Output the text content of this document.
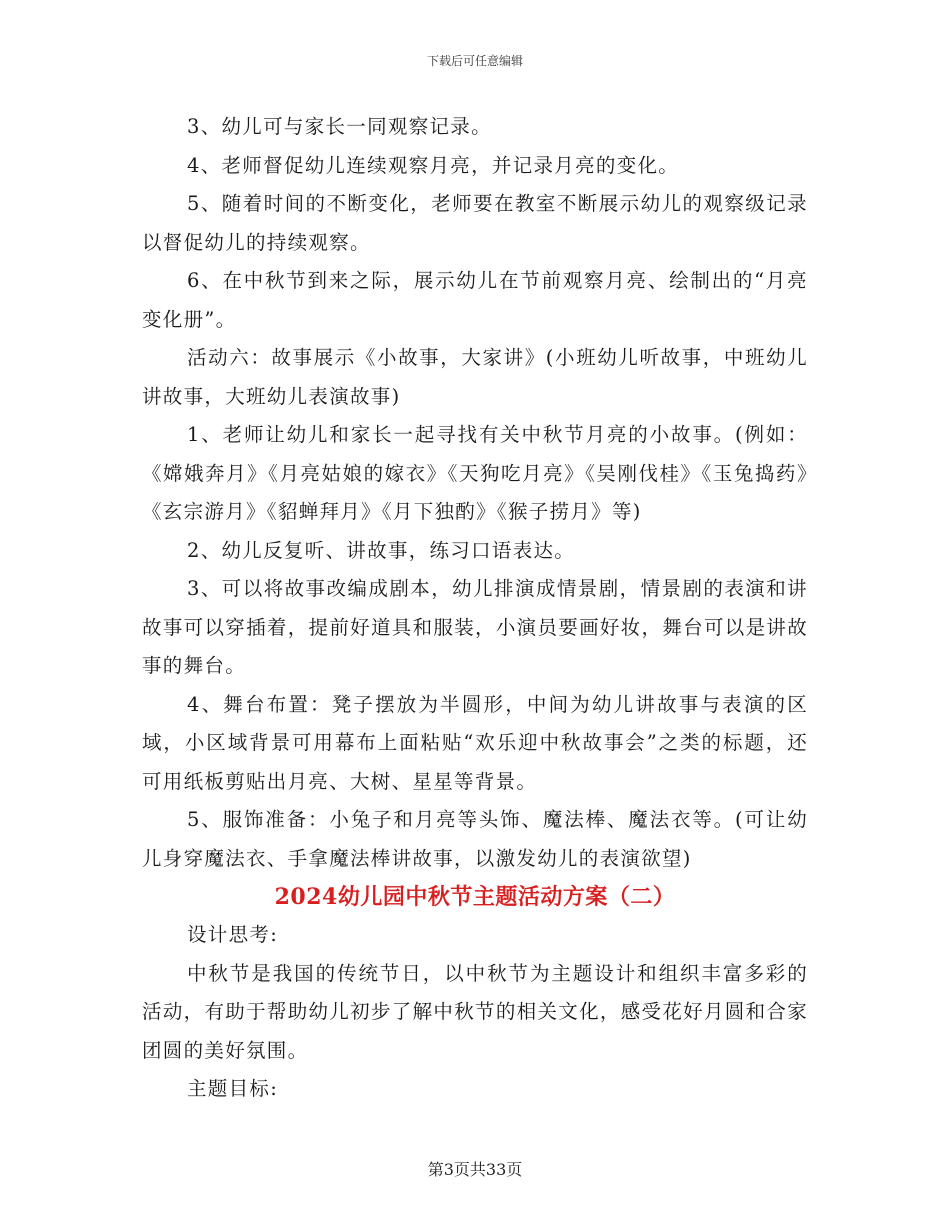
下载后可任意编辑

3、幼儿可与家长一同观察记录。

4、老师督促幼儿连续观察月亮，并记录月亮的变化。

5、随着时间的不断变化，老师要在教室不断展示幼儿的观察级记录以督促幼儿的持续观察。

6、在中秋节到来之际，展示幼儿在节前观察月亮、绘制出的“月亮变化册”。

活动六：故事展示《小故事，大家讲》(小班幼儿听故事，中班幼儿讲故事，大班幼儿表演故事)

1、老师让幼儿和家长一起寻找有关中秋节月亮的小故事。(例如：《嫦娥奔月》《月亮姑娘的嫁衣》《天狗吃月亮》《吴刚伐桂》《玉兔捣药》《玄宗游月》《貂蝉拜月》《月下独酌》《猴子捞月》等)

2、幼儿反复听、讲故事，练习口语表达。

3、可以将故事改编成剧本，幼儿排演成情景剧，情景剧的表演和讲故事可以穿插着，提前好道具和服装，小演员要画好妆，舞台可以是讲故事的舞台。

4、舞台布置：凳子摆放为半圆形，中间为幼儿讲故事与表演的区域，小区域背景可用幕布上面粘贴“欢乐迎中秋故事会”之类的标题，还可用纸板剪贴出月亮、大树、星星等背景。

5、服饰准备：小兔子和月亮等头饰、魔法棒、魔法衣等。(可让幼儿身穿魔法衣、手拿魔法棒讲故事，以激发幼儿的表演欲望)

2024幼儿园中秋节主题活动方案（二）

设计思考:

中秋节是我国的传统节日，以中秋节为主题设计和组织丰富多彩的活动，有助于帮助幼儿初步了解中秋节的相关文化，感受花好月圆和合家团圆的美好氛围。

主题目标:

第3页共33页
